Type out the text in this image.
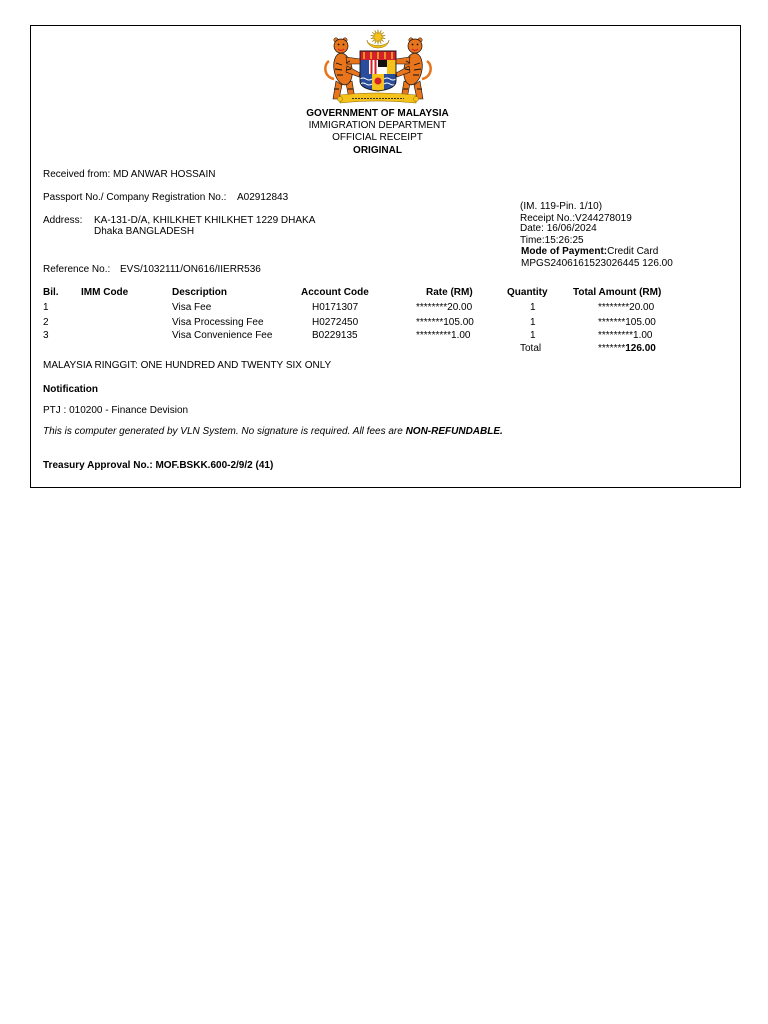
GOVERNMENT OF MALAYSIA
IMMIGRATION DEPARTMENT
OFFICIAL RECEIPT
ORIGINAL
Received from: MD ANWAR HOSSAIN
Passport No./ Company Registration No.: A02912843
Address: KA-131-D/A, KHILKHET KHILKHET 1229 DHAKA
Dhaka BANGLADESH
Reference No.: EVS/1032111/ON616/IIERR536
(IM. 119-Pin. 1/10)
Receipt No.:V244278019
Date: 16/06/2024
Time:15:26:25
Mode of Payment:Credit Card
MPGS2406161523026445 126.00
Bil. IMM Code	Description	Account Code	Rate (RM)	Quantity	Total Amount (RM)
1	Visa Fee	H0171307	********20.00	1	********20.00
2	Visa Processing Fee	H0272450	*******105.00	1	*******105.00
3	Visa Convenience Fee	B0229135	*********1.00	1	*********1.00
Total	*******126.00
MALAYSIA RINGGIT: ONE HUNDRED AND TWENTY SIX ONLY
Notification
PTJ : 010200 - Finance Devision
This is computer generated by VLN System. No signature is required. All fees are NON-REFUNDABLE.
Treasury Approval No.: MOF.BSKK.600-2/9/2 (41)
